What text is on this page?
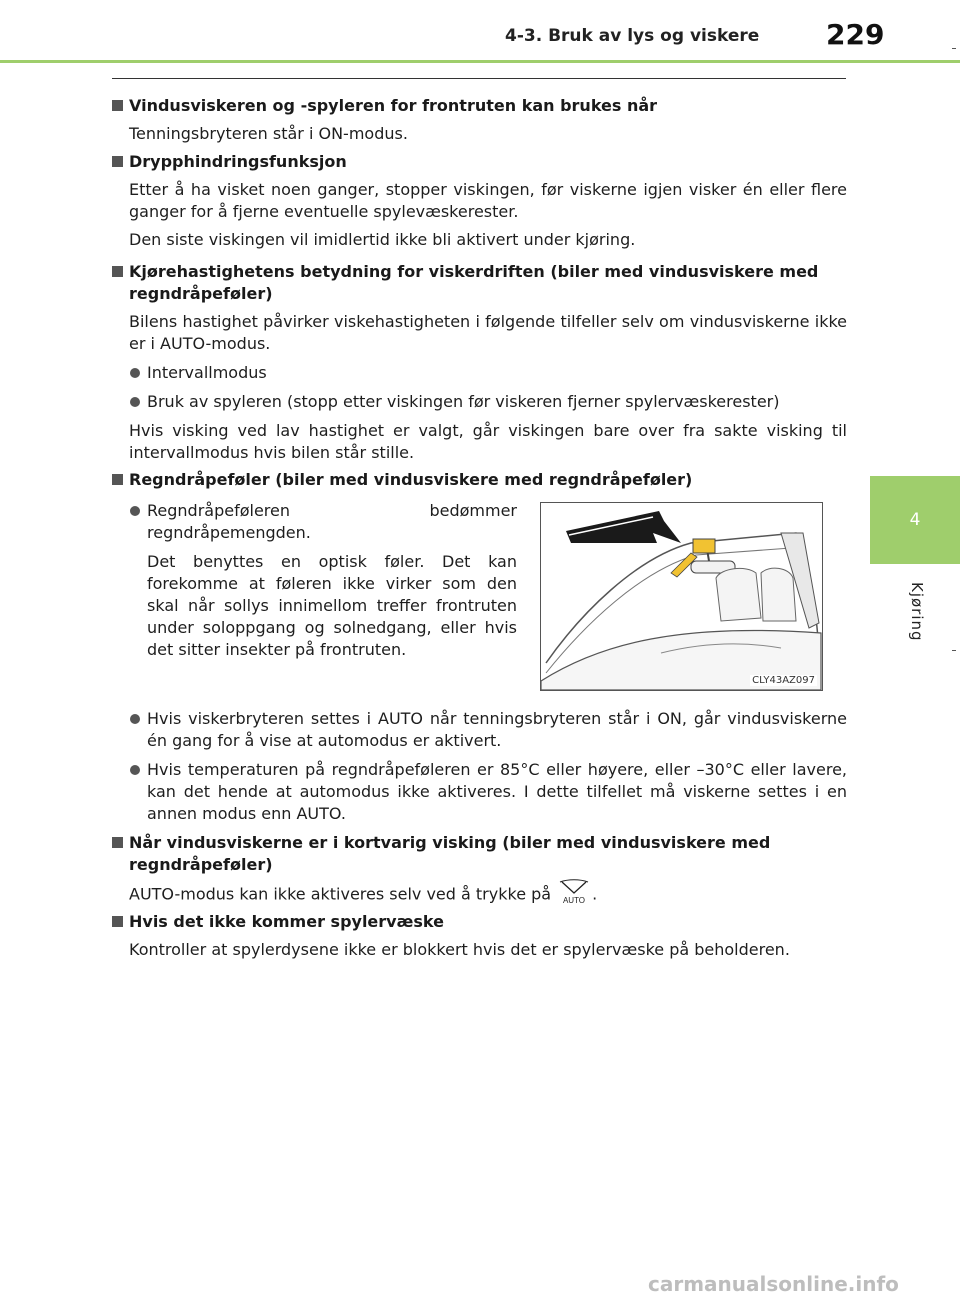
4-3. Bruk av lys og viskere 229
4
Kjøring
Vindusviskeren og -spyleren for frontruten kan brukes når
Tenningsbryteren står i ON-modus.
Drypphindringsfunksjon
Etter å ha visket noen ganger, stopper viskingen, før viskerne igjen visker én eller flere ganger for å fjerne eventuelle spylevæskerester.
Den siste viskingen vil imidlertid ikke bli aktivert under kjøring.
Kjørehastighetens betydning for viskerdriften (biler med vindusviskere med regndråpeføler)
Bilens hastighet påvirker viskehastigheten i følgende tilfeller selv om vindusviskerne ikke er i AUTO-modus.
Intervallmodus
Bruk av spyleren (stopp etter viskingen før viskeren fjerner spylervæskerester)
Hvis visking ved lav hastighet er valgt, går viskingen bare over fra sakte visking til intervallmodus hvis bilen står stille.
Regndråpeføler (biler med vindusviskere med regndråpeføler)
Regndråpeføleren bedømmer regndråpemengden.
Det benyttes en optisk føler. Det kan forekomme at føleren ikke virker som den skal når sollys innimellom treffer frontruten under soloppgang og solnedgang, eller hvis det sitter insekter på frontruten.
CLY43AZ097
Hvis viskerbryteren settes i AUTO når tenningsbryteren står i ON, går vindusviskerne én gang for å vise at automodus er aktivert.
Hvis temperaturen på regndråpeføleren er 85°C eller høyere, eller –30°C eller lavere, kan det hende at automodus ikke aktiveres. I dette tilfellet må viskerne settes i en annen modus enn AUTO.
Når vindusviskerne er i kortvarig visking (biler med vindusviskere med regndråpeføler)
AUTO-modus kan ikke aktiveres selv ved å trykke på AUTO .
Hvis det ikke kommer spylervæske
Kontroller at spylerdysene ikke er blokkert hvis det er spylervæske på beholderen.
carmanualsonline.info
